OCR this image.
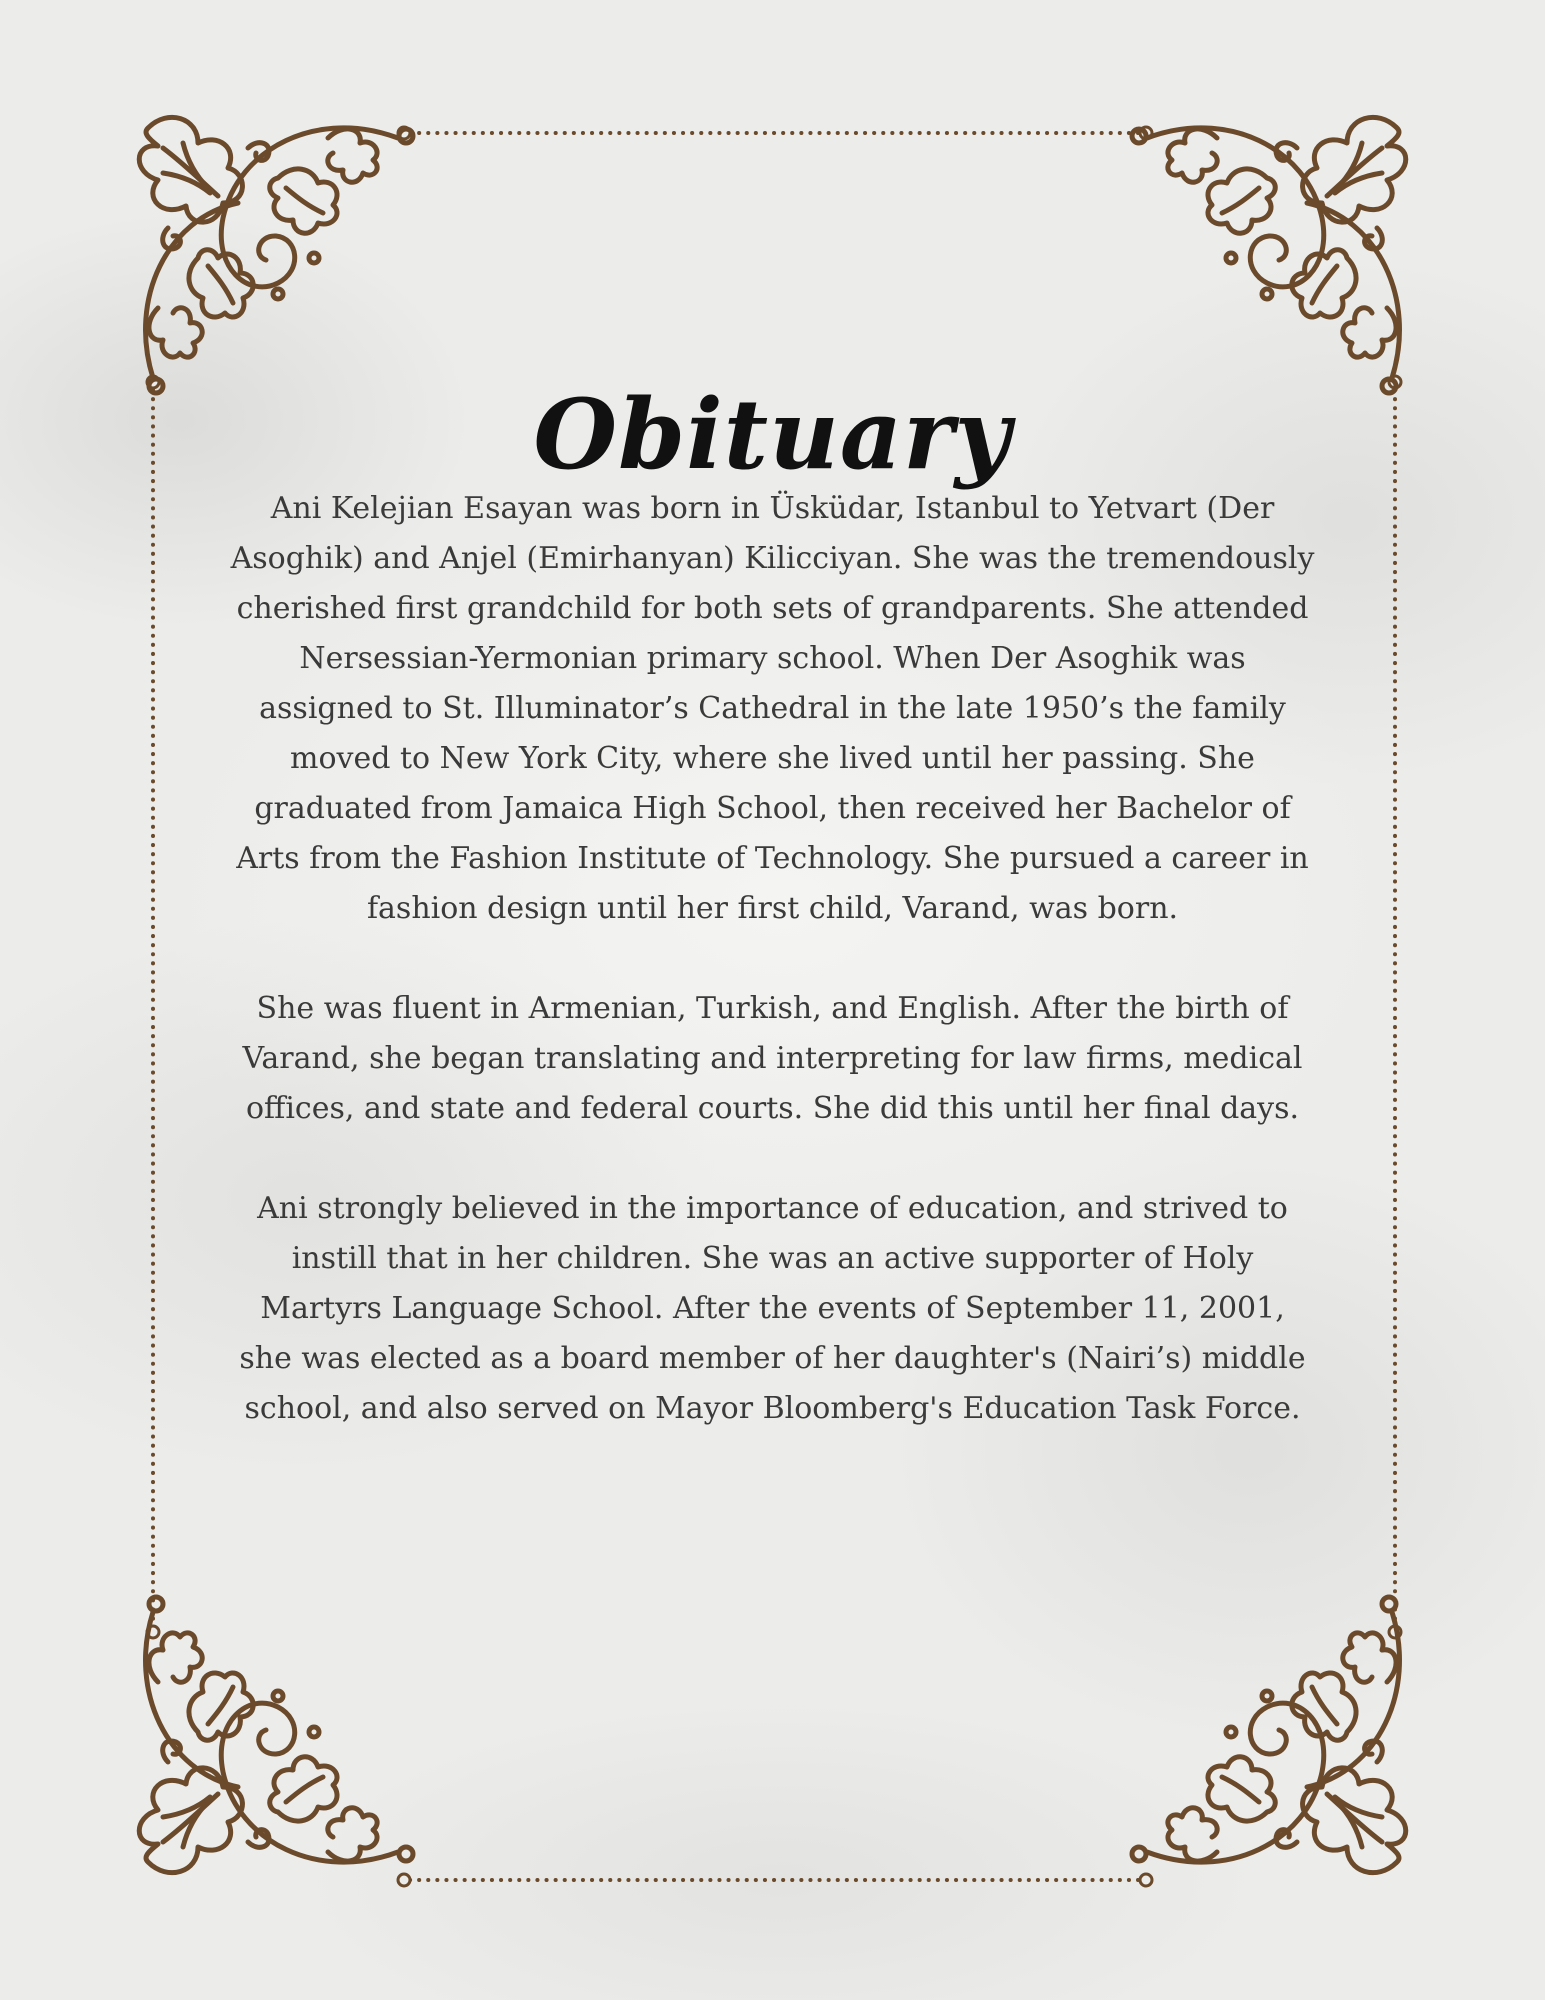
Obituary

Ani Kelejian Esayan was born in Üsküdar, Istanbul to Yetvart (Der Asoghik) and Anjel (Emirhanyan) Kilicciyan. She was the tremendously cherished first grandchild for both sets of grandparents. She attended Nersessian-Yermonian primary school. When Der Asoghik was assigned to St. Illuminator’s Cathedral in the late 1950’s the family moved to New York City, where she lived until her passing. She graduated from Jamaica High School, then received her Bachelor of Arts from the Fashion Institute of Technology. She pursued a career in fashion design until her first child, Varand, was born.

She was fluent in Armenian, Turkish, and English. After the birth of Varand, she began translating and interpreting for law firms, medical offices, and state and federal courts. She did this until her final days.

Ani strongly believed in the importance of education, and strived to instill that in her children. She was an active supporter of Holy Martyrs Language School. After the events of September 11, 2001, she was elected as a board member of her daughter's (Nairi’s) middle school, and also served on Mayor Bloomberg's Education Task Force.
